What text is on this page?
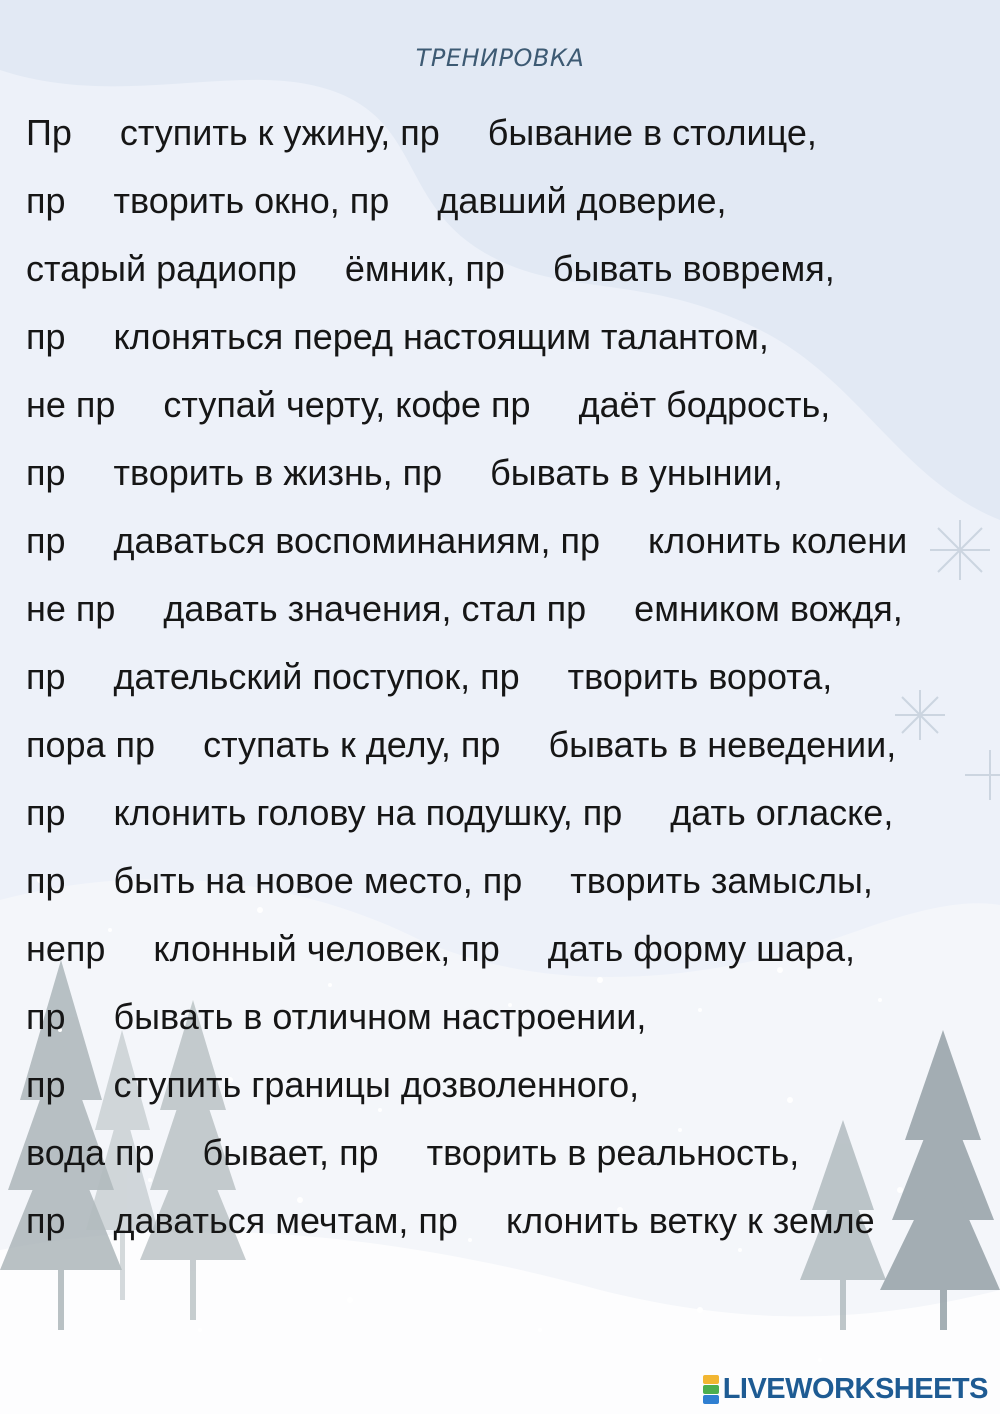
ТРЕНИРОВКА
Пр ступить к ужину, пр бывание в столице,
пр творить окно, пр давший доверие,
старый радиопр ёмник, пр бывать вовремя,
пр клоняться перед настоящим талантом,
не пр ступай черту, кофе пр даёт бодрость,
пр творить в жизнь, пр бывать в унынии,
пр даваться воспоминаниям, пр клонить колени
не пр давать значения, стал пр емником вождя,
пр дательский поступок, пр творить ворота,
пора пр ступать к делу, пр бывать в неведении,
пр клонить голову на подушку, пр дать огласке,
пр быть на новое место, пр творить замыслы,
непр клонный человек, пр дать форму шара,
пр бывать в отличном настроении,
пр ступить границы дозволенного,
вода пр бывает, пр творить в реальность,
пр даваться мечтам, пр клонить ветку к земле
LIVEWORKSHEETS
